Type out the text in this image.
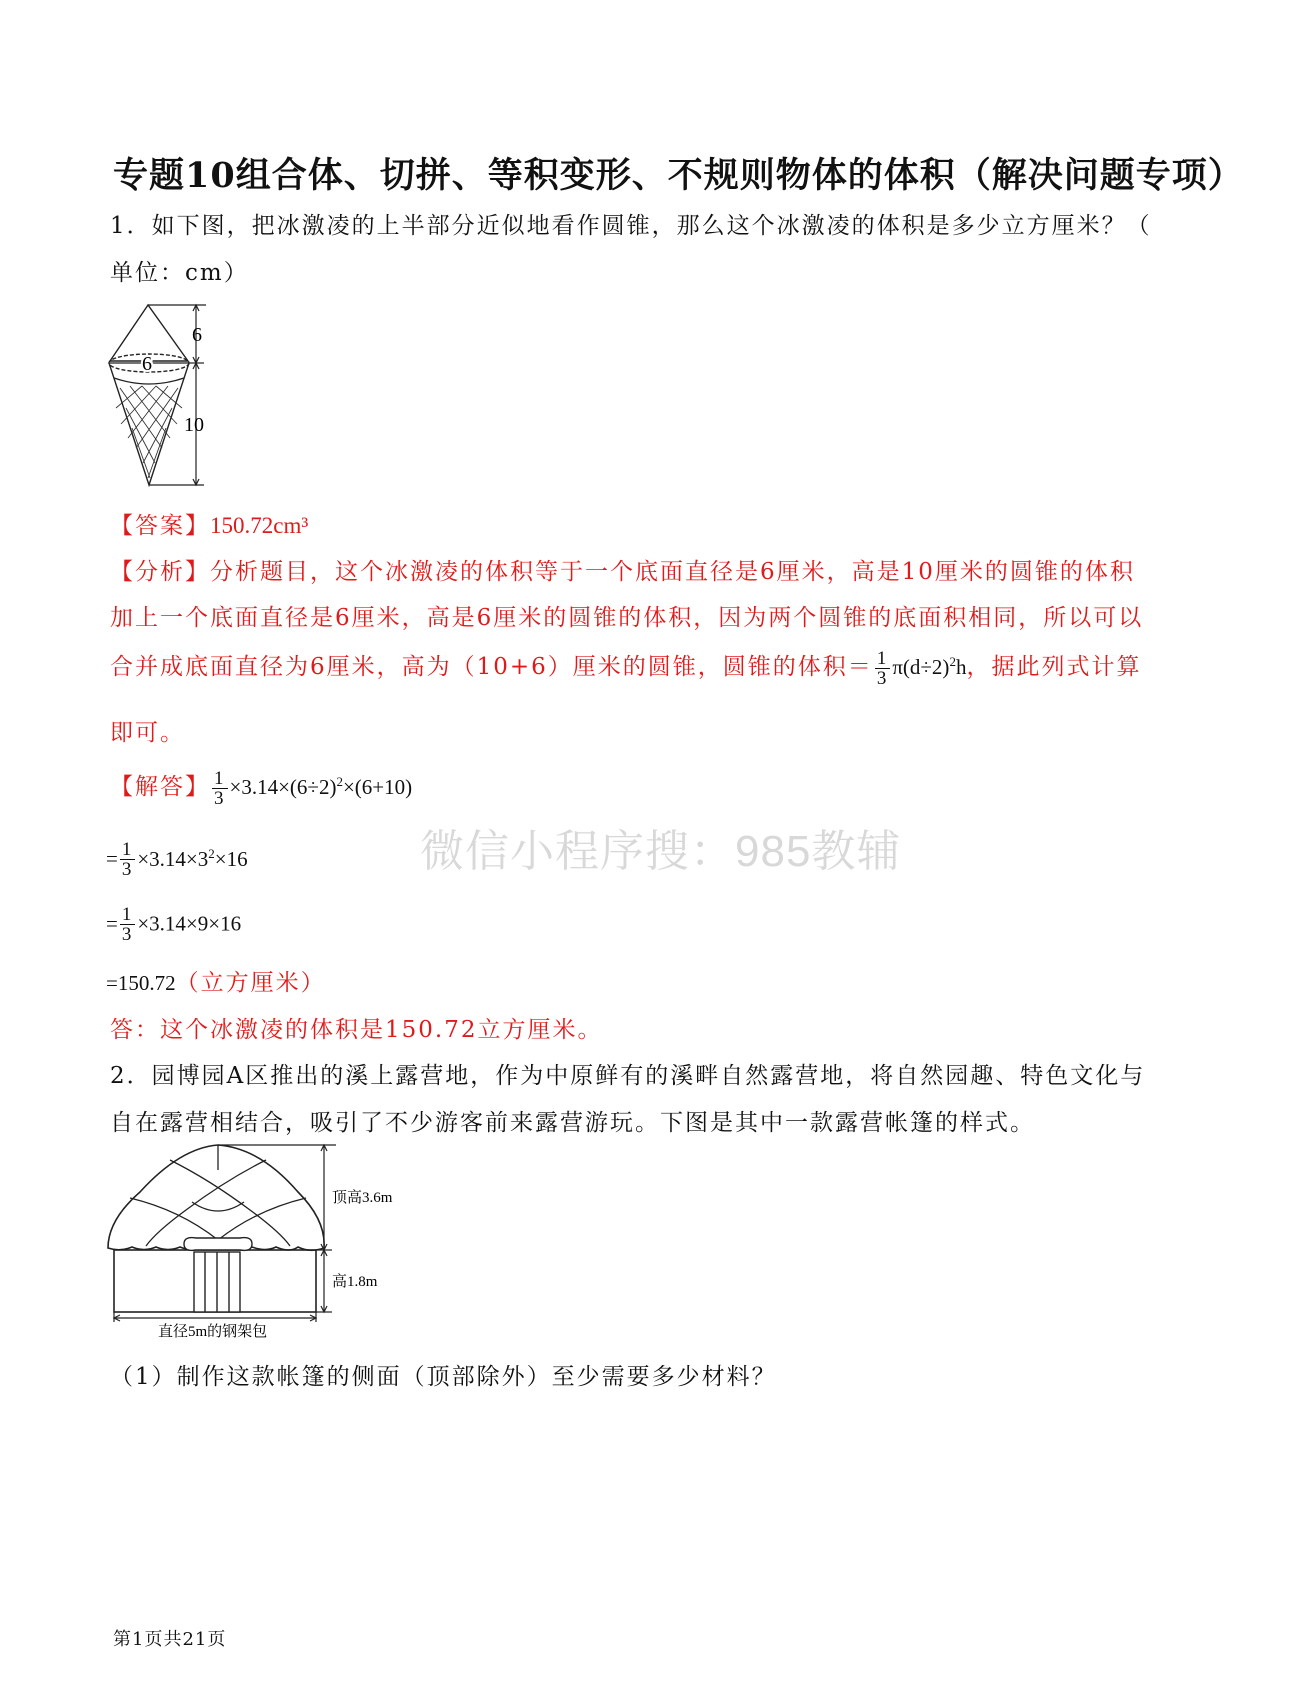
专题10组合体、切拼、等积变形、不规则物体的体积（解决问题专项）
1．如下图，把冰激凌的上半部分近似地看作圆锥，那么这个冰激凌的体积是多少立方厘米？（
单位：cm）
6
6
10
【答案】150.72cm³
【分析】分析题目，这个冰激凌的体积等于一个底面直径是6厘米，高是10厘米的圆锥的体积
加上一个底面直径是6厘米，高是6厘米的圆锥的体积，因为两个圆锥的底面积相同，所以可以
合并成底面直径为6厘米，高为（10+6）厘米的圆锥，圆锥的体积＝ $\frac{1}{3} \pi(d\div 2)^2h$，据此列式计算
即可。
【解答】 $\frac{1}{3} \times 3.14\times(6\div 2)^2\times(6+10)$
= $\frac{1}{3} \times 3.14\times 3^2\times 16$
= $\frac{1}{3} \times 3.14\times 9\times 16$
=150.72（立方厘米）
答：这个冰激凌的体积是150.72立方厘米。
2．园博园A区推出的溪上露营地，作为中原鲜有的溪畔自然露营地，将自然园趣、特色文化与
自在露营相结合，吸引了不少游客前来露营游玩。下图是其中一款露营帐篷的样式。
顶高3.6m
高1.8m
直径5m的钢架包
（1）制作这款帐篷的侧面（顶部除外）至少需要多少材料？
微信小程序搜：985教辅
第1页共21页
